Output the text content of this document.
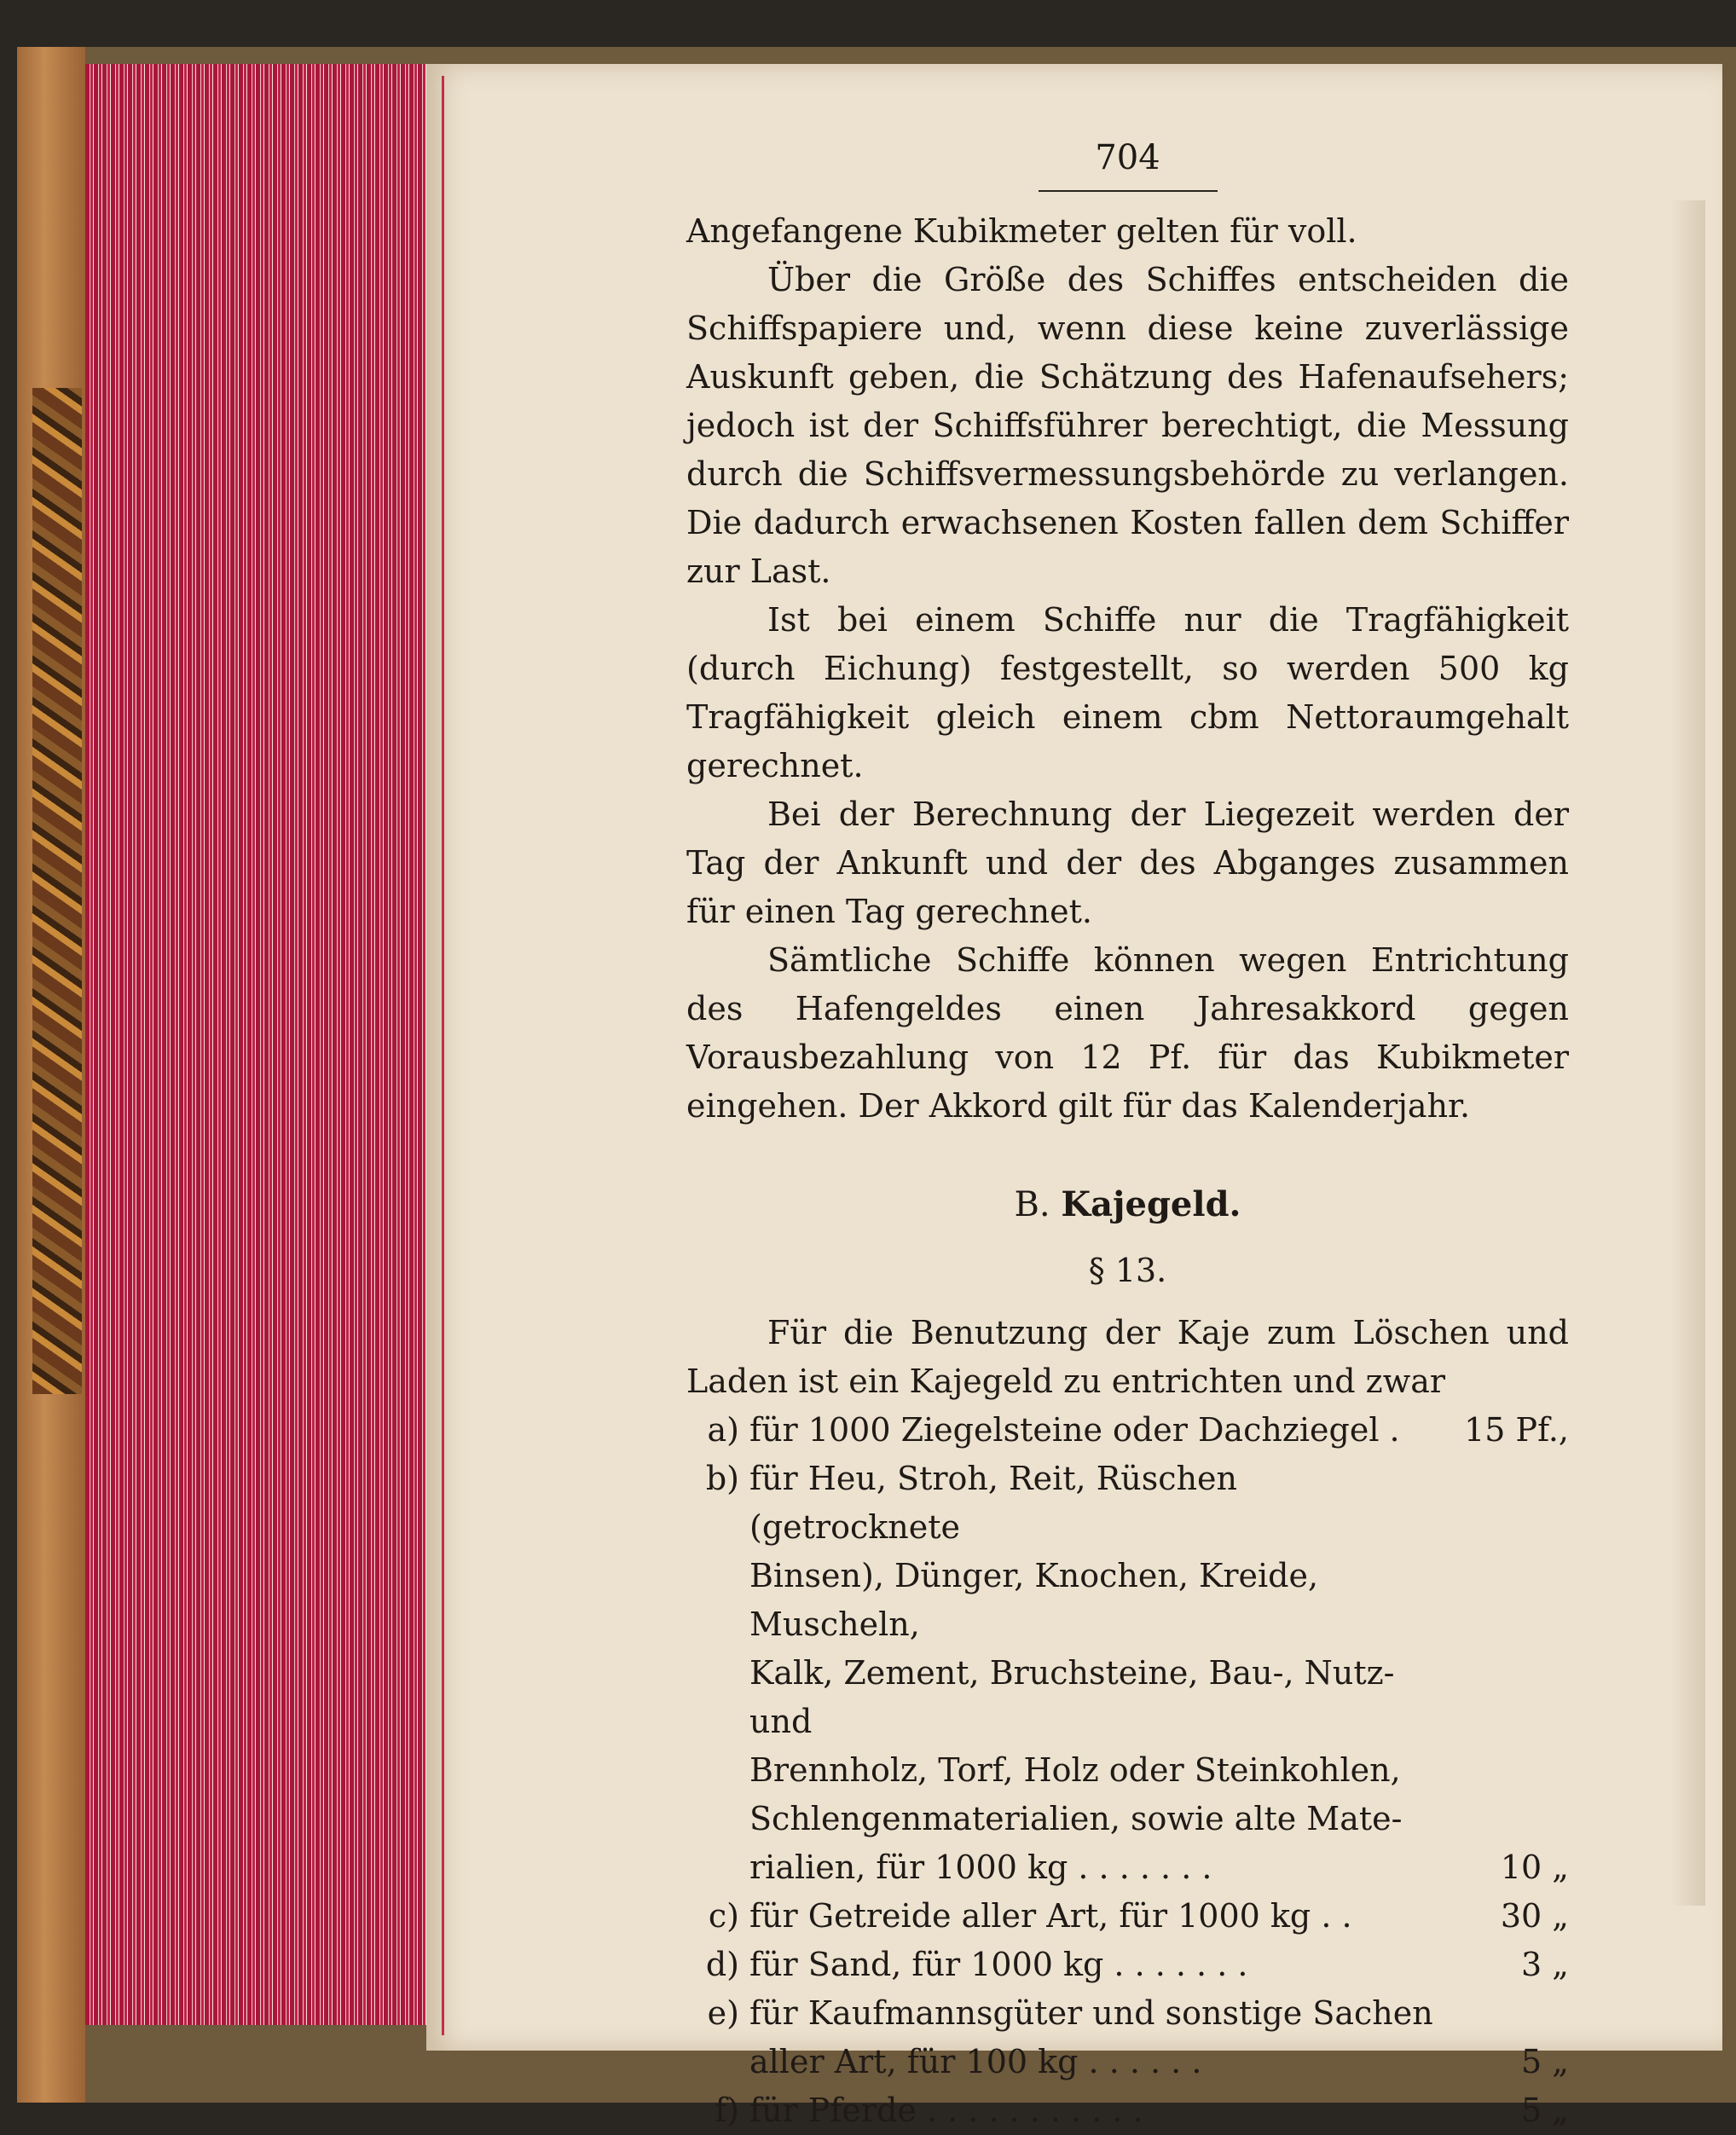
704

Angefangene Kubikmeter gelten für voll.

Über die Größe des Schiffes entscheiden die Schiffspapiere und, wenn diese keine zuverlässige Auskunft geben, die Schätzung des Hafenaufsehers; jedoch ist der Schiffsführer berechtigt, die Messung durch die Schiffsvermessungsbehörde zu verlangen. Die dadurch erwachsenen Kosten fallen dem Schiffer zur Last.

Ist bei einem Schiffe nur die Tragfähigkeit (durch Eichung) festgestellt, so werden 500 kg Tragfähigkeit gleich einem cbm Nettoraumgehalt gerechnet.

Bei der Berechnung der Liegezeit werden der Tag der Ankunft und der des Abganges zusammen für einen Tag gerechnet.

Sämtliche Schiffe können wegen Entrichtung des Hafengeldes einen Jahresakkord gegen Vorausbezahlung von 12 Pf. für das Kubikmeter eingehen. Der Akkord gilt für das Kalenderjahr.

B. Kajegeld.
§ 13.

Für die Benutzung der Kaje zum Löschen und Laden ist ein Kajegeld zu entrichten und zwar

a) für 1000 Ziegelsteine oder Dachziegel .	15 Pf.,
b) für Heu, Stroh, Reit, Rüschen (getrocknete
Binsen), Dünger, Knochen, Kreide, Muscheln,
Kalk, Zement, Bruchsteine, Bau-, Nutz- und
Brennholz, Torf, Holz oder Steinkohlen,
Schlengenmaterialien, sowie alte Mate-
rialien, für 1000 kg . . . . . . .	10 „
c) für Getreide aller Art, für 1000 kg . .	30 „
d) für Sand, für 1000 kg . . . . . . .	3 „
e) für Kaufmannsgüter und sonstige Sachen
aller Art, für 100 kg . . . . . .	5 „
f) für Pferde . . . . . . . . . . .	5 „
